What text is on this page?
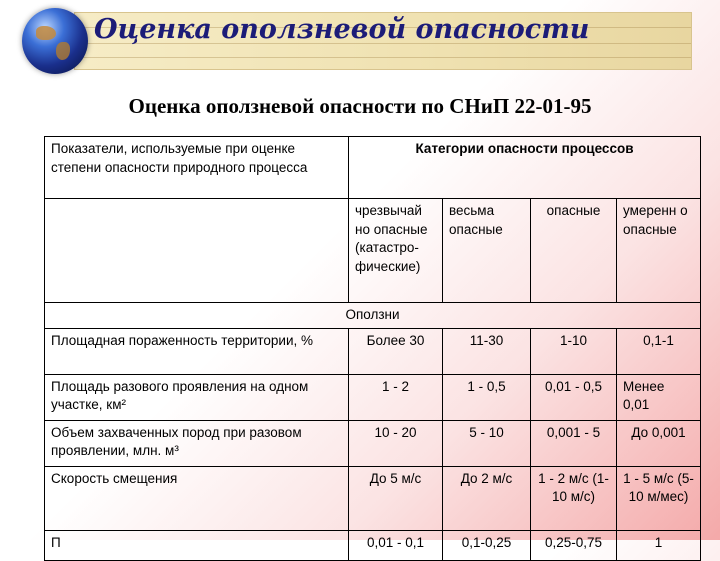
Оценка оползневой опасности
Оценка оползневой опасности по СНиП 22-01-95
Показатели, используемые при оценке степени опасности природного процесса	Категории опасности процессов			
	чрезвычай но опасные (катастро- фические)	весьма опасные	опасные	умеренн о опасные
Оползни				
Площадная пораженность территории, %	Более 30	11-30	1-10	0,1-1
Площадь разового проявления на одном участке, км²	1 - 2	1 - 0,5	0,01 - 0,5	Менее 0,01
Объем захваченных пород при разовом проявлении, млн. м³	10 - 20	5 - 10	0,001 - 5	До 0,001
Скорость смещения	До 5 м/с	До 2 м/с	1 - 2 м/с (1-10 м/с)	1 - 5 м/с (5-10 м/мес)
П	0,01 - 0,1	0,1-0,25	0,25-0,75	1
